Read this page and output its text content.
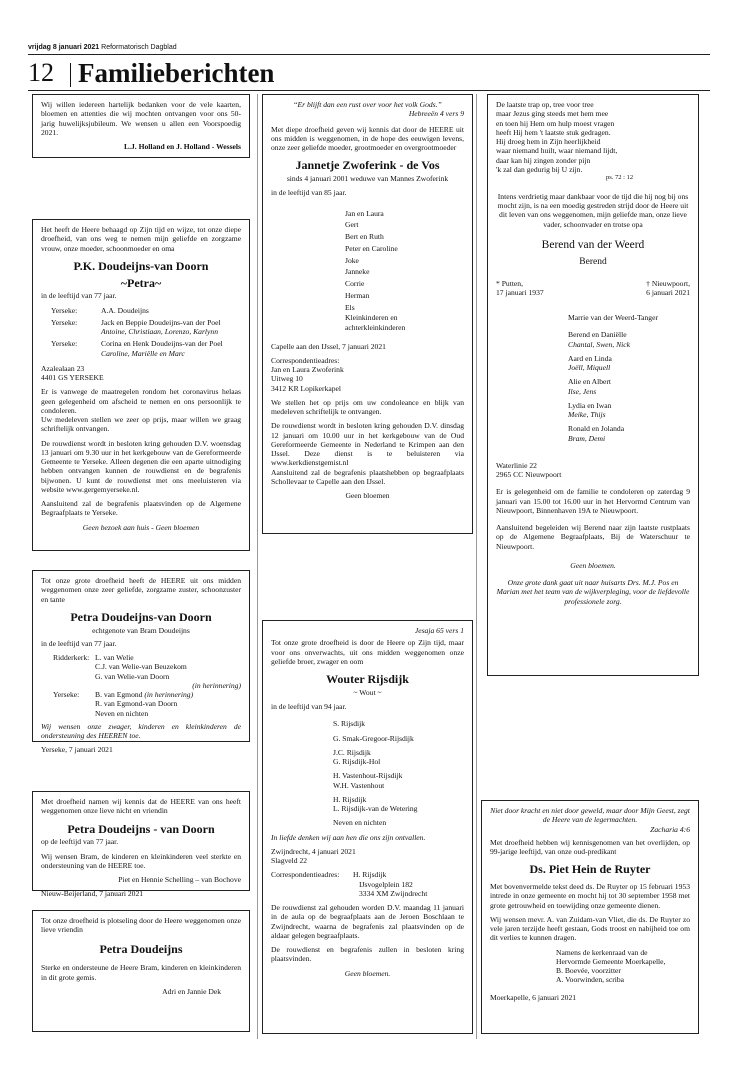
vrijdag 8 januari 2021 Reformatorisch Dagblad
12 Familieberichten

Wij willen iedereen hartelijk bedanken voor de vele kaarten, bloemen en attenties die wij mochten ontvangen voor ons 50-jarig huwelijksjubileum. We wensen u allen een Voorspoedig 2021.

L.J. Holland en J. Holland - Wessels

Het heeft de Heere behaagd op Zijn tijd en wijze, tot onze diepe droefheid, van ons weg te nemen mijn geliefde en zorgzame vrouw, onze moeder, schoonmoeder en oma

P.K. Doudeijns-van Doorn
~Petra~

in de leeftijd van 77 jaar.

Yerseke:	A.A. Doudeijns
Yerseke:	Jack en Beppie Doudeijns-van der Poel
Antoine, Christiaan, Lorenzo, Karlynn
Yerseke:	Corina en Henk Doudeijns-van der Poel
Caroline, Mariëlle en Marc
Azalealaan 23
4401 GS YERSEKE

Er is vanwege de maatregelen rondom het coronavirus helaas geen gelegenheid om afscheid te nemen en ons persoonlijk te condoleren.

Uw medeleven stellen we zeer op prijs, maar willen we graag schriftelijk ontvangen.

De rouwdienst wordt in besloten kring gehouden D.V. woensdag 13 januari om 9.30 uur in het kerkgebouw van de Gereformeerde Gemeente te Yerseke. Alleen degenen die een aparte uitnodiging hebben ontvangen kunnen de rouwdienst en de begrafenis bijwonen. U kunt de rouwdienst met ons meeluisteren via website www.gergemyerseke.nl.

Aansluitend zal de begrafenis plaatsvinden op de Algemene Begraafplaats te Yerseke.

Geen bezoek aan huis - Geen bloemen

Tot onze grote droefheid heeft de HEERE uit ons midden weggenomen onze zeer geliefde, zorgzame zuster, schoonzuster en tante

Petra Doudeijns-van Doorn
echtgenote van Bram Doudeijns

in de leeftijd van 77 jaar.

Ridderkerk: L. van Welie
C.J. van Welie-van Beuzekom
G. van Welie-van Doorn

(in herinnering)
Yerseke:	B. van Egmond (in herinnering)
R. van Egmond-van Doorn
Neven en nichten

Wij wensen onze zwager, kinderen en kleinkinderen de ondersteuning des HEEREN toe.

Yerseke, 7 januari 2021

Met droefheid namen wij kennis dat de HEERE van ons heeft weggenomen onze lieve nicht en vriendin

Petra Doudeijns - van Doorn

op de leeftijd van 77 jaar.

Wij wensen Bram, de kinderen en kleinkinderen veel sterkte en ondersteuning van de HEERE toe.

Piet en Hennie Schelling – van Bochove
Nieuw-Beijerland, 7 januari 2021

Tot onze droefheid is plotseling door de Heere weggenomen onze lieve vriendin

Petra Doudeijns

Sterke en ondersteune de Heere Bram, kinderen en kleinkinderen in dit grote gemis.

Adri en Jannie Dek
“Er blijft dan een rust over voor het volk Gods.”
Hebreeën 4 vers 9

Met diepe droefheid geven wij kennis dat door de HEERE uit ons midden is weggenomen, in de hope des eeuwigen levens, onze zeer geliefde moeder, grootmoeder en overgrootmoeder

Jannetje Zwoferink - de Vos
sinds 4 januari 2001 weduwe van Mannes Zwoferink

in de leeftijd van 85 jaar.

Jan en Laura
Gert
Bert en Ruth
Peter en Caroline
Joke
Janneke
Corrie
Herman
Els
Kleinkinderen en
achterkleinkinderen

Capelle aan den IJssel, 7 januari 2021

Correspondentieadres:

Jan en Laura Zwoferink
Uitweg 10
3412 KR Lopikerkapel

We stellen het op prijs om uw condoleance en blijk van medeleven schriftelijk te ontvangen.

De rouwdienst wordt in besloten kring gehouden D.V. dinsdag 12 januari om 10.00 uur in het kerkgebouw van de Oud Gereformeerde Gemeente in Nederland te Krimpen aan den IJssel. Deze dienst is te beluisteren via www.kerkdienstgemist.nl

Aansluitend zal de begrafenis plaatshebben op begraafplaats Schollevaar te Capelle aan den IJssel.

Geen bloemen
Jesaja 65 vers 1

Tot onze grote droefheid is door de Heere op Zijn tijd, maar voor ons onverwachts, uit ons midden weggenomen onze geliefde broer, zwager en oom

Wouter Rijsdijk
~ Wout ~

in de leeftijd van 94 jaar.

S. Rijsdijk

G. Smak-Gregoor-Rijsdijk

J.C. Rijsdijk
G. Rijsdijk-Hol

H. Vastenhout-Rijsdijk
W.H. Vastenhout

H. Rijsdijk
L. Rijsdijk-van de Wetering

Neven en nichten

In liefde denken wij aan hen die ons zijn ontvallen.

Zwijndrecht, 4 januari 2021
Slagveld 22

Correspondentieadres:	H. Rijsdijk
IJsvogelplein 182
3334 XM Zwijndrecht

De rouwdienst zal gehouden worden D.V. maandag 11 januari in de aula op de begraafplaats aan de Jeroen Boschlaan te Zwijndrecht, waarna de begrafenis zal plaatsvinden op de aldaar gelegen begraafplaats.

De rouwdienst en begrafenis zullen in besloten kring plaatsvinden.

Geen bloemen.
De laatste trap op, tree voor tree
maar Jezus ging steeds met hem mee
en toen hij Hem om hulp moest vragen
heeft Hij hem 't laatste stuk gedragen.
Hij droeg hem in Zijn heerlijkheid
waar niemand huilt, waar niemand lijdt,
daar kan hij zingen zonder pijn
'k zal dan gedurig bij U zijn.
ps. 72 : 12

Intens verdrietig maar dankbaar voor de tijd die hij nog bij ons mocht zijn, is na een moedig gestreden strijd door de Heere uit dit leven van ons weggenomen, mijn geliefde man, onze lieve vader, schoonvader en trotse opa

Berend van der Weerd
Berend
* Putten,
17 januari 1937
† Nieuwpoort,
6 januari 2021

Marrie van der Weerd-Tanger

Berend en Daniëlle
Chantal, Swen, Nick

Aard en Linda
Joëll, Miquell

Alie en Albert
Ilse, Jens

Lydia en Iwan
Meike, Thijs

Ronald en Jolanda
Bram, Demi

Waterlinie 22
2965 CC Nieuwpoort

Er is gelegenheid om de familie te condoleren op zaterdag 9 januari van 15.00 tot 16.00 uur in het Hervormd Centrum van Nieuwpoort, Binnenhaven 19A te Nieuwpoort.

Aansluitend begeleiden wij Berend naar zijn laatste rustplaats op de Algemene Begraafplaats, Bij de Waterschuur te Nieuwpoort.

Geen bloemen.
Onze grote dank gaat uit naar huisarts Drs. M.J. Pos en Marian met het team van de wijkverpleging, voor de liefdevolle professionele zorg.
Niet door kracht en niet door geweld, maar door Mijn Geest, zegt de Heere van de legermachten.
Zacharia 4:6

Met droefheid hebben wij kennisgenomen van het overlijden, op 99-jarige leeftijd, van onze oud-predikant

Ds. Piet Hein de Ruyter

Met bovenvermelde tekst deed ds. De Ruyter op 15 februari 1953 intrede in onze gemeente en mocht hij tot 30 september 1958 met grote getrouwheid en toewijding onze gemeente dienen.

Wij wensen mevr. A. van Zuidam-van Vliet, die ds. De Ruyter zo vele jaren terzijde heeft gestaan, Gods troost en nabijheid toe om dit verlies te kunnen dragen.

Namens de kerkenraad van de
Hervormde Gemeente Moerkapelle,
B. Boevée, voorzitter
A. Voorwinden, scriba
Moerkapelle, 6 januari 2021
